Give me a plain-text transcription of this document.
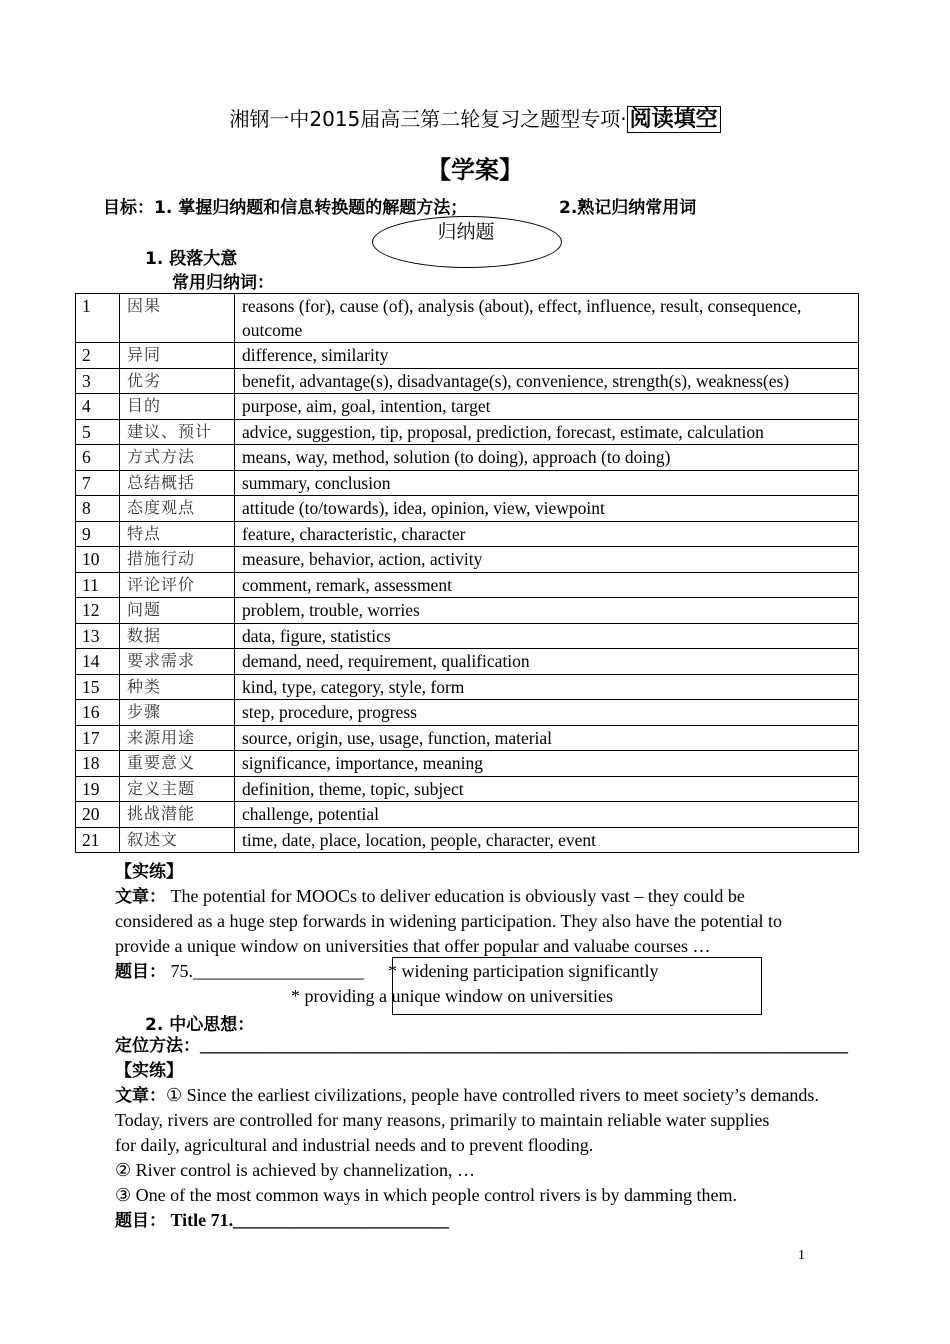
湘钢一中2015届高三第二轮复习之题型专项· 阅读填空
【学案】
目标：1. 掌握归纳题和信息转换题的解题方法；	2.熟记归纳常用词
归纳题
1. 段落大意
常用归纳词：
1	因果	reasons (for), cause (of), analysis (about), effect, influence, result, consequence, outcome
2	异同	difference, similarity
3	优劣	benefit, advantage(s), disadvantage(s), convenience, strength(s), weakness(es)
4	目的	purpose, aim, goal, intention, target
5	建议、预计	advice, suggestion, tip, proposal, prediction, forecast, estimate, calculation
6	方式方法	means, way, method, solution (to doing), approach (to doing)
7	总结概括	summary, conclusion
8	态度观点	attitude (to/towards), idea, opinion, view, viewpoint
9	特点	feature, characteristic, character
10	措施行动	measure, behavior, action, activity
11	评论评价	comment, remark, assessment
12	问题	problem, trouble, worries
13	数据	data, figure, statistics
14	要求需求	demand, need, requirement, qualification
15	种类	kind, type, category, style, form
16	步骤	step, procedure, progress
17	来源用途	source, origin, use, usage, function, material
18	重要意义	significance, importance, meaning
19	定义主题	definition, theme, topic, subject
20	挑战潜能	challenge, potential
21	叙述文	time, date, place, location, people, character, event
【实练】
文章： The potential for MOOCs to deliver education is obviously vast – they could be
considered as a huge step forwards in widening participation. They also have the potential to
provide a unique window on universities that offer popular and valuabe courses …
题目： 75.___________________ * widening participation significantly
* providing a unique window on universities
2. 中心思想：
定位方法：________________________________________________________________________
【实练】
文章：① Since the earliest civilizations, people have controlled rivers to meet society’s demands.
Today, rivers are controlled for many reasons, primarily to maintain reliable water supplies
for daily, agricultural and industrial needs and to prevent flooding.
② River control is achieved by channelization, …
③ One of the most common ways in which people control rivers is by damming them.
题目： Title 71.________________________
1
